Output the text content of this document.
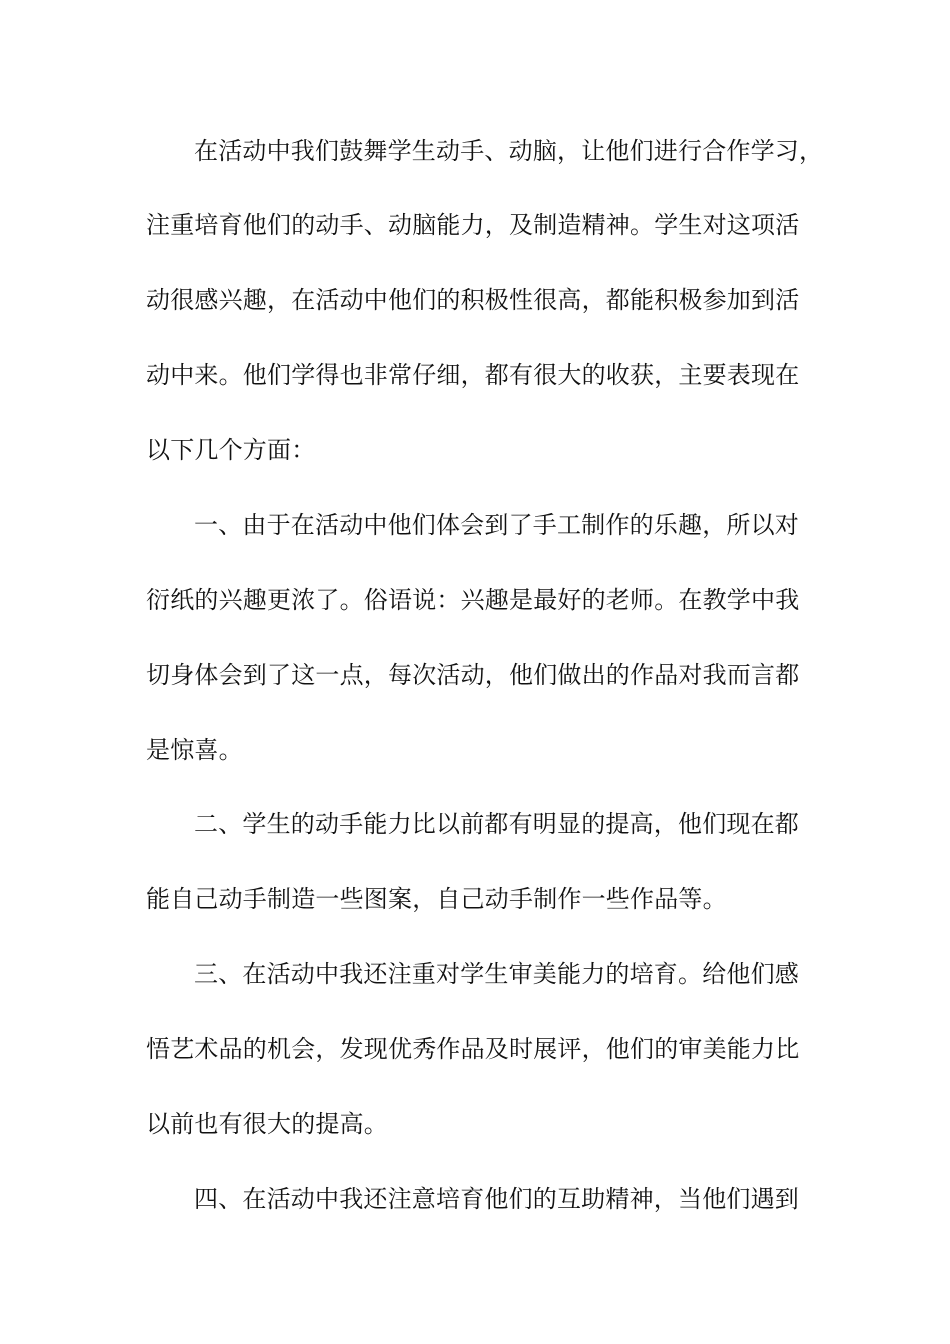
在活动中我们鼓舞学生动手、动脑，让他们进行合作学习，
注重培育他们的动手、动脑能力，及制造精神。学生对这项活
动很感兴趣，在活动中他们的积极性很高，都能积极参加到活
动中来。他们学得也非常仔细，都有很大的收获，主要表现在
以下几个方面：
一、由于在活动中他们体会到了手工制作的乐趣，所以对
衍纸的兴趣更浓了。俗语说：兴趣是最好的老师。在教学中我
切身体会到了这一点，每次活动，他们做出的作品对我而言都
是惊喜。
二、学生的动手能力比以前都有明显的提高，他们现在都
能自己动手制造一些图案，自己动手制作一些作品等。
三、在活动中我还注重对学生审美能力的培育。给他们感
悟艺术品的机会，发现优秀作品及时展评，他们的审美能力比
以前也有很大的提高。
四、在活动中我还注意培育他们的互助精神，当他们遇到
